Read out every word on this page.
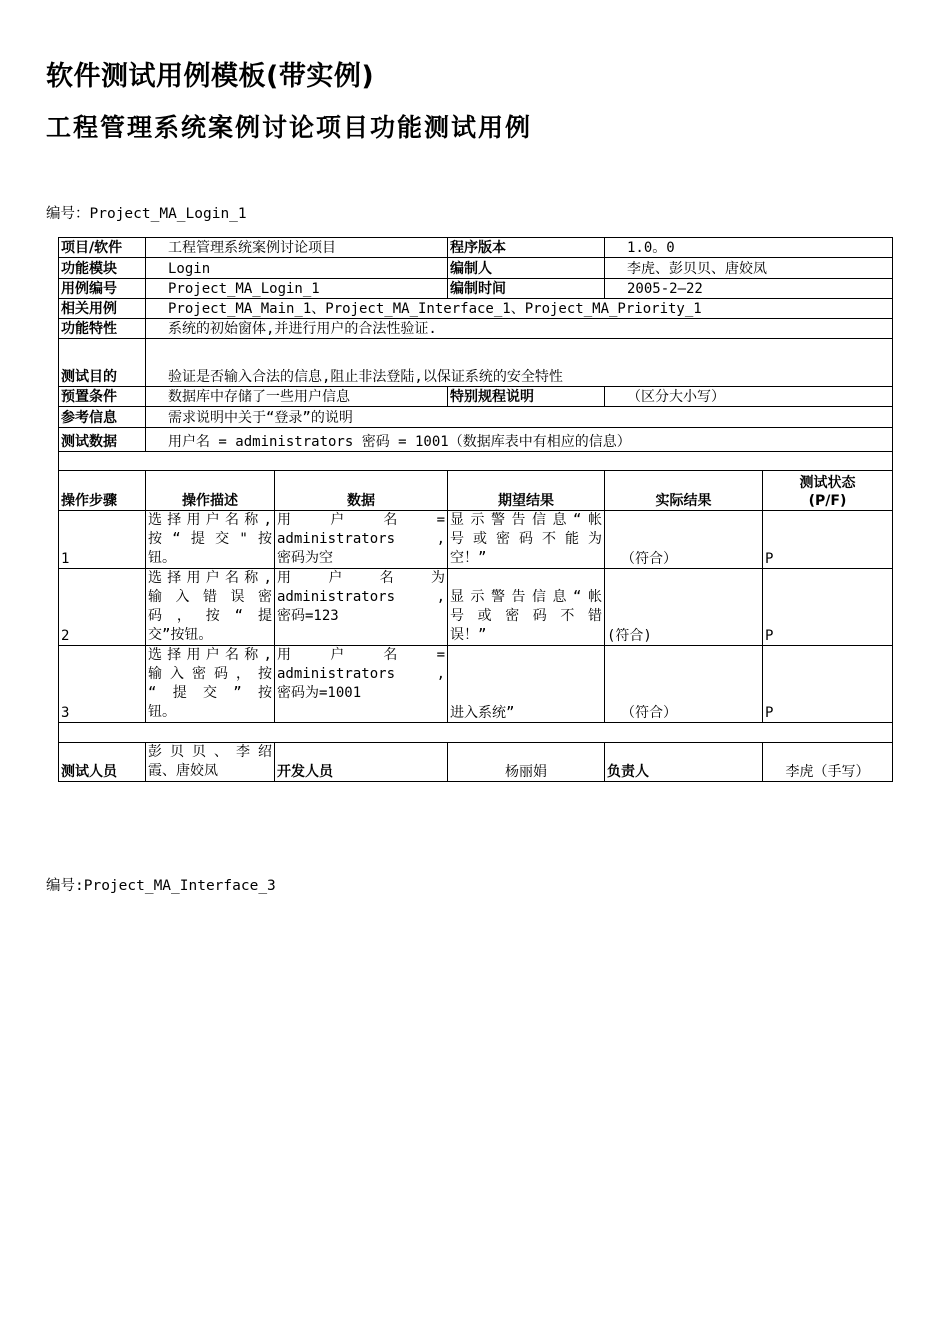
软件测试用例模板(带实例)
工程管理系统案例讨论项目功能测试用例
编号：Project_MA_Login_1
项目/软件	工程管理系统案例讨论项目		程序版本	1.0。0	
功能模块	Login		编制人	李虎、彭贝贝、唐姣凤	
用例编号	Project_MA_Login_1		编制时间	2005-2—22	
相关用例	Project_MA_Main_1、Project_MA_Interface_1、Project_MA_Priority_1				
功能特性	系统的初始窗体,并进行用户的合法性验证.				
测试目的	验证是否输入合法的信息,阻止非法登陆,以保证系统的安全特性				
预置条件	数据库中存储了一些用户信息		特别规程说明	（区分大小写）	
参考信息	需求说明中关于“登录”的说明				
测试数据	用户名 = administrators 密码 = 1001（数据库表中有相应的信息）				

操作步骤	操作描述	数据	期望结果	实际结果	测试状态
(P/F)

1	选择用户名称,
按“提交"按
钮。	用 户 名 =
administrators ,
密码为空	显示警告信息“帐
号或密码不能为
空！”	（符合）	P
2	选择用户名称,
输入错误密
码，按“提
交”按钮。	用 户 名 为
administrators ,
密码=123	显示警告信息“帐
号或密码不错
误！”	(符合)	P
3	选择用户名称,
输入密码，按
“提交”按
钮。	用 户 名 =
administrators ,
密码为=1001	进入系统”	（符合）	P

测试人员	彭贝贝、李绍
霞、唐姣凤	开发人员	杨丽娟	负责人	李虎（手写）
编号:Project_MA_Interface_3
